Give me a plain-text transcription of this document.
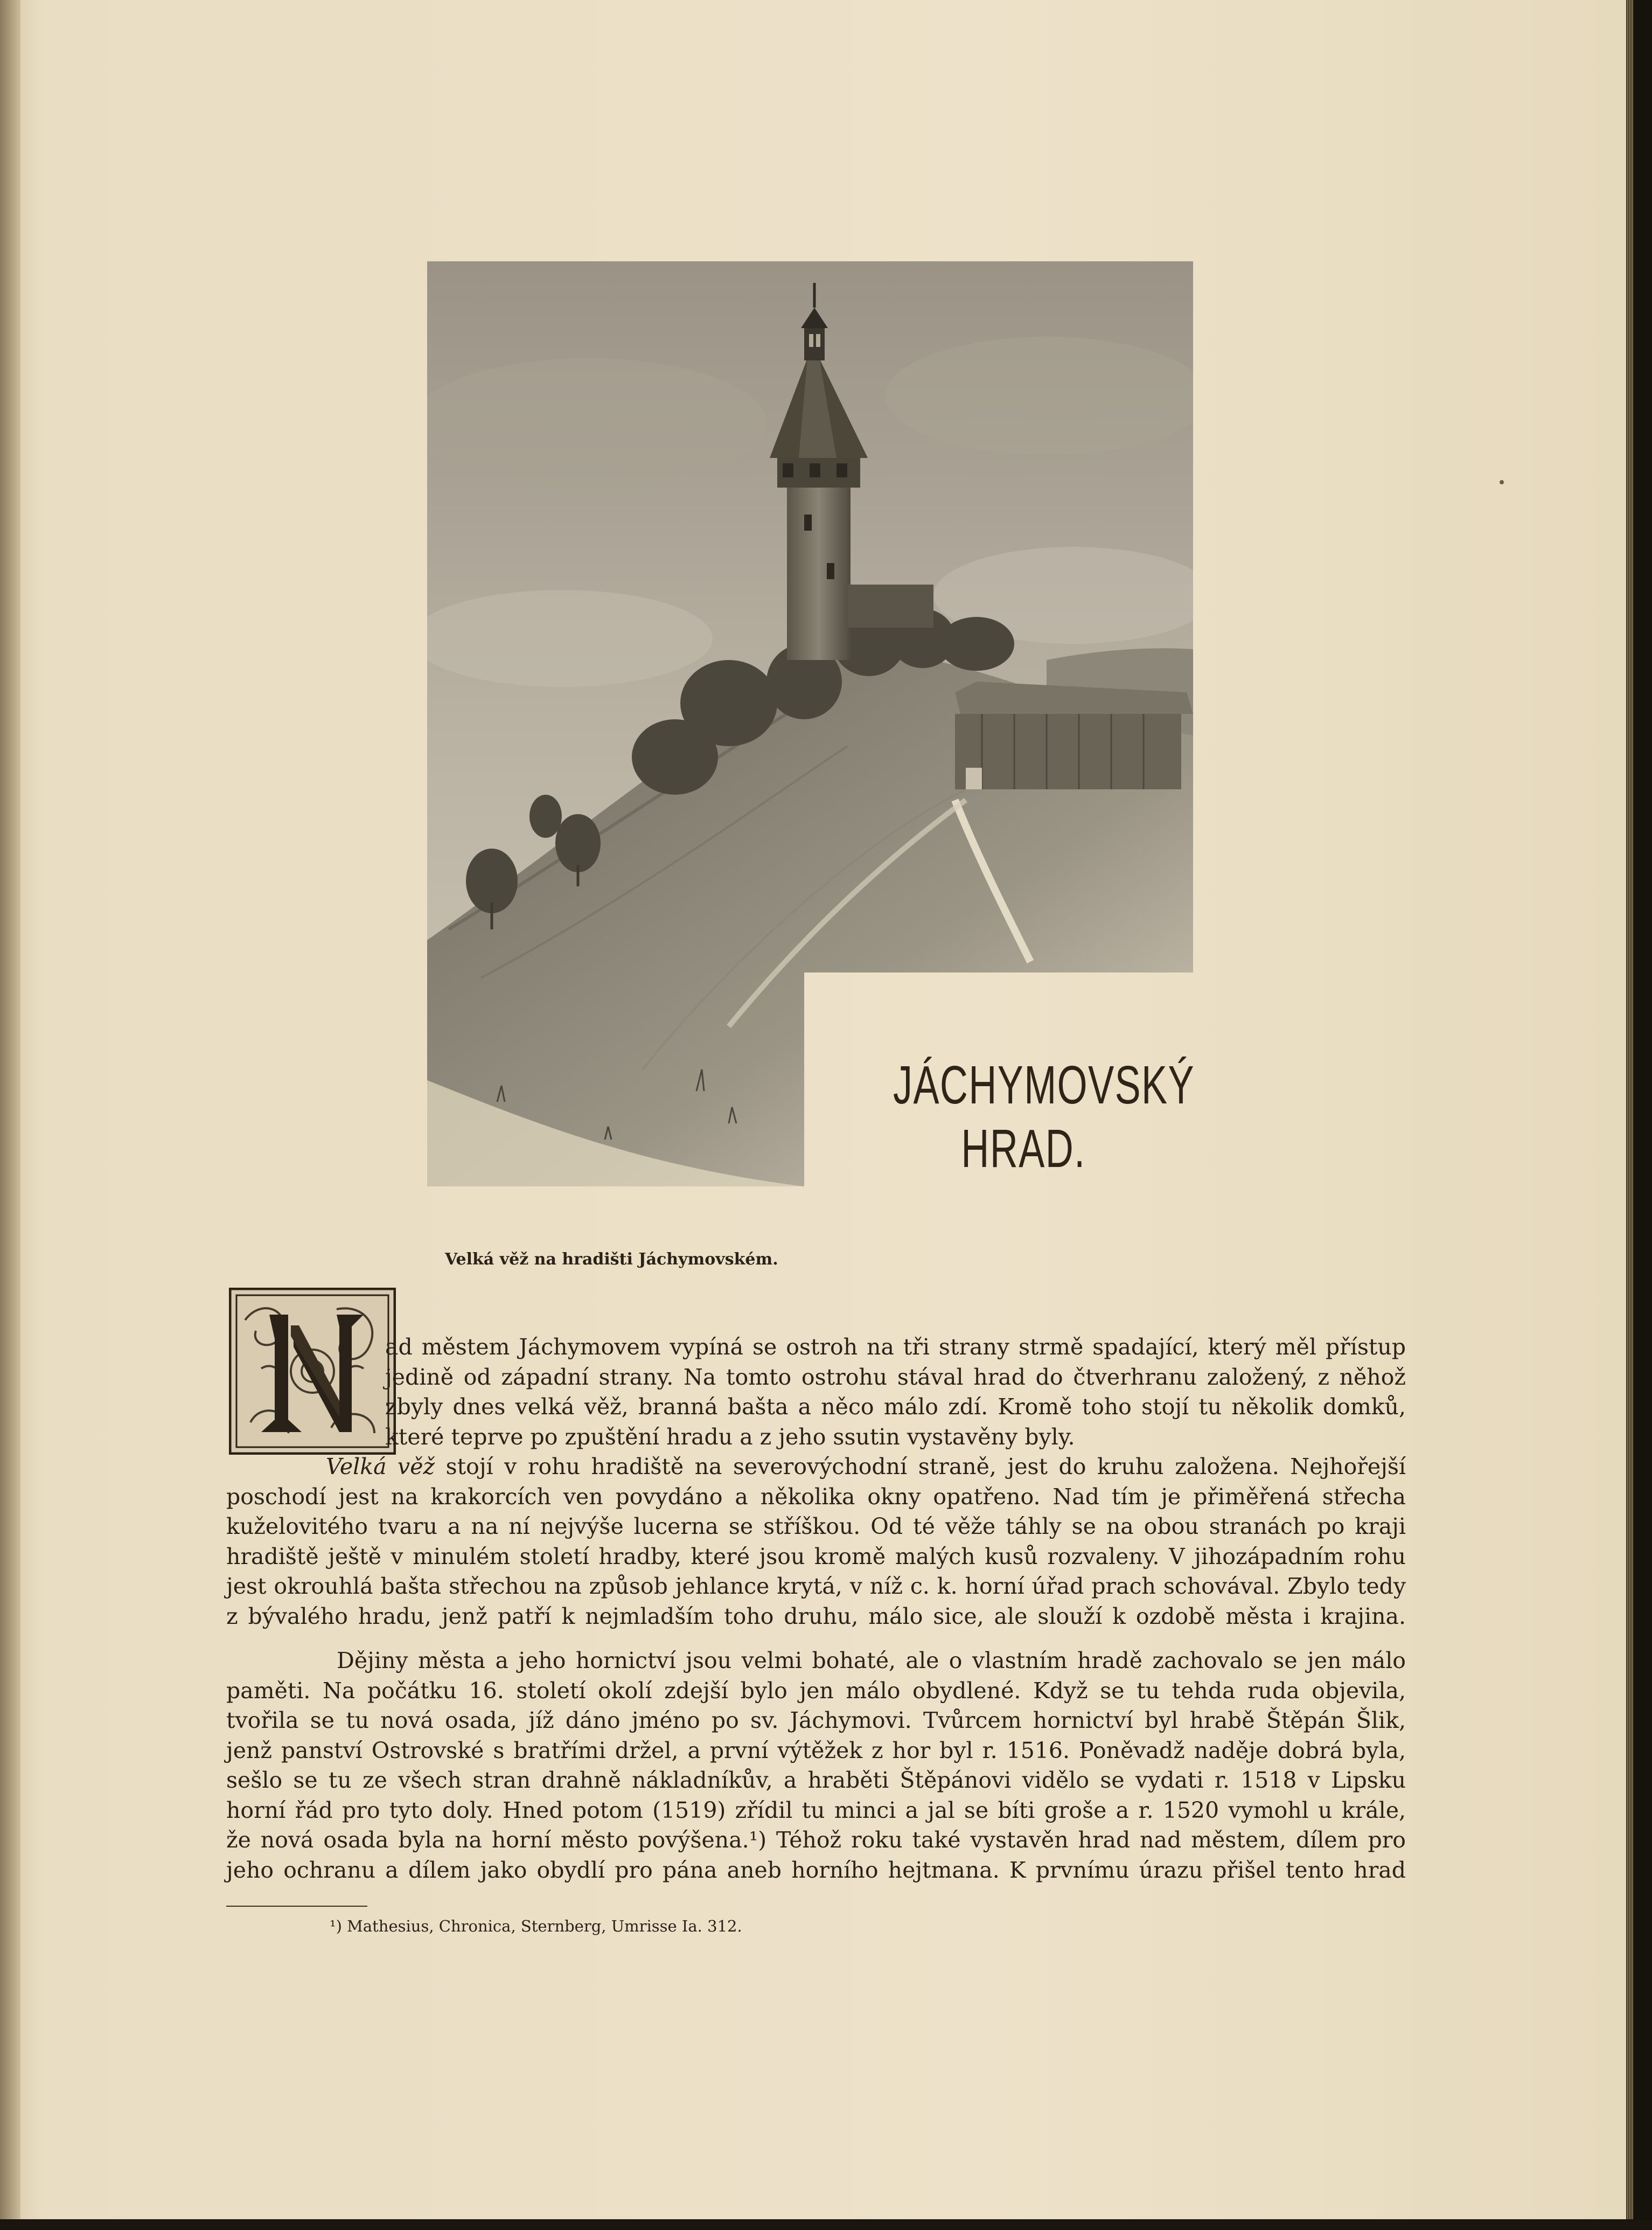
JÁCHYMOVSKÝ
HRAD.
Velká věž na hradišti Jáchymovském.
ad městem Jáchymovem vypíná se ostroh na tři strany strmě spadající, který měl přístup
jedině od západní strany. Na tomto ostrohu stával hrad do čtverhranu založený, z něhož
zbyly dnes velká věž, branná bašta a něco málo zdí. Kromě toho stojí tu několik domků,
které teprve po zpuštění hradu a z jeho ssutin vystavěny byly.
Velká věž stojí v rohu hradiště na severovýchodní straně, jest do kruhu založena. Nejhořejší
poschodí jest na krakorcích ven povydáno a několika okny opatřeno. Nad tím je přiměřená střecha
kuželovitého tvaru a na ní nejvýše lucerna se stříškou. Od té věže táhly se na obou stranách po kraji
hradiště ještě v minulém století hradby, které jsou kromě malých kusů rozvaleny. V jihozápadním rohu
jest okrouhlá bašta střechou na způsob jehlance krytá, v níž c. k. horní úřad prach schovával. Zbylo tedy
z bývalého hradu, jenž patří k nejmladším toho druhu, málo sice, ale slouží k ozdobě města i krajina.
Dějiny města a jeho hornictví jsou velmi bohaté, ale o vlastním hradě zachovalo se jen málo
paměti. Na počátku 16. století okolí zdejší bylo jen málo obydlené. Když se tu tehda ruda objevila,
tvořila se tu nová osada, jíž dáno jméno po sv. Jáchymovi. Tvůrcem hornictví byl hrabě Štěpán Šlik,
jenž panství Ostrovské s bratřími držel, a první výtěžek z hor byl r. 1516. Poněvadž naděje dobrá byla,
sešlo se tu ze všech stran drahně nákladníkův, a hraběti Štěpánovi vidělo se vydati r. 1518 v Lipsku
horní řád pro tyto doly. Hned potom (1519) zřídil tu minci a jal se bíti groše a r. 1520 vymohl u krále,
že nová osada byla na horní město povýšena.¹) Téhož roku také vystavěn hrad nad městem, dílem pro
jeho ochranu a dílem jako obydlí pro pána aneb horního hejtmana. K prvnímu úrazu přišel tento hrad
¹) Mathesius, Chronica, Sternberg, Umrisse Ia. 312.
